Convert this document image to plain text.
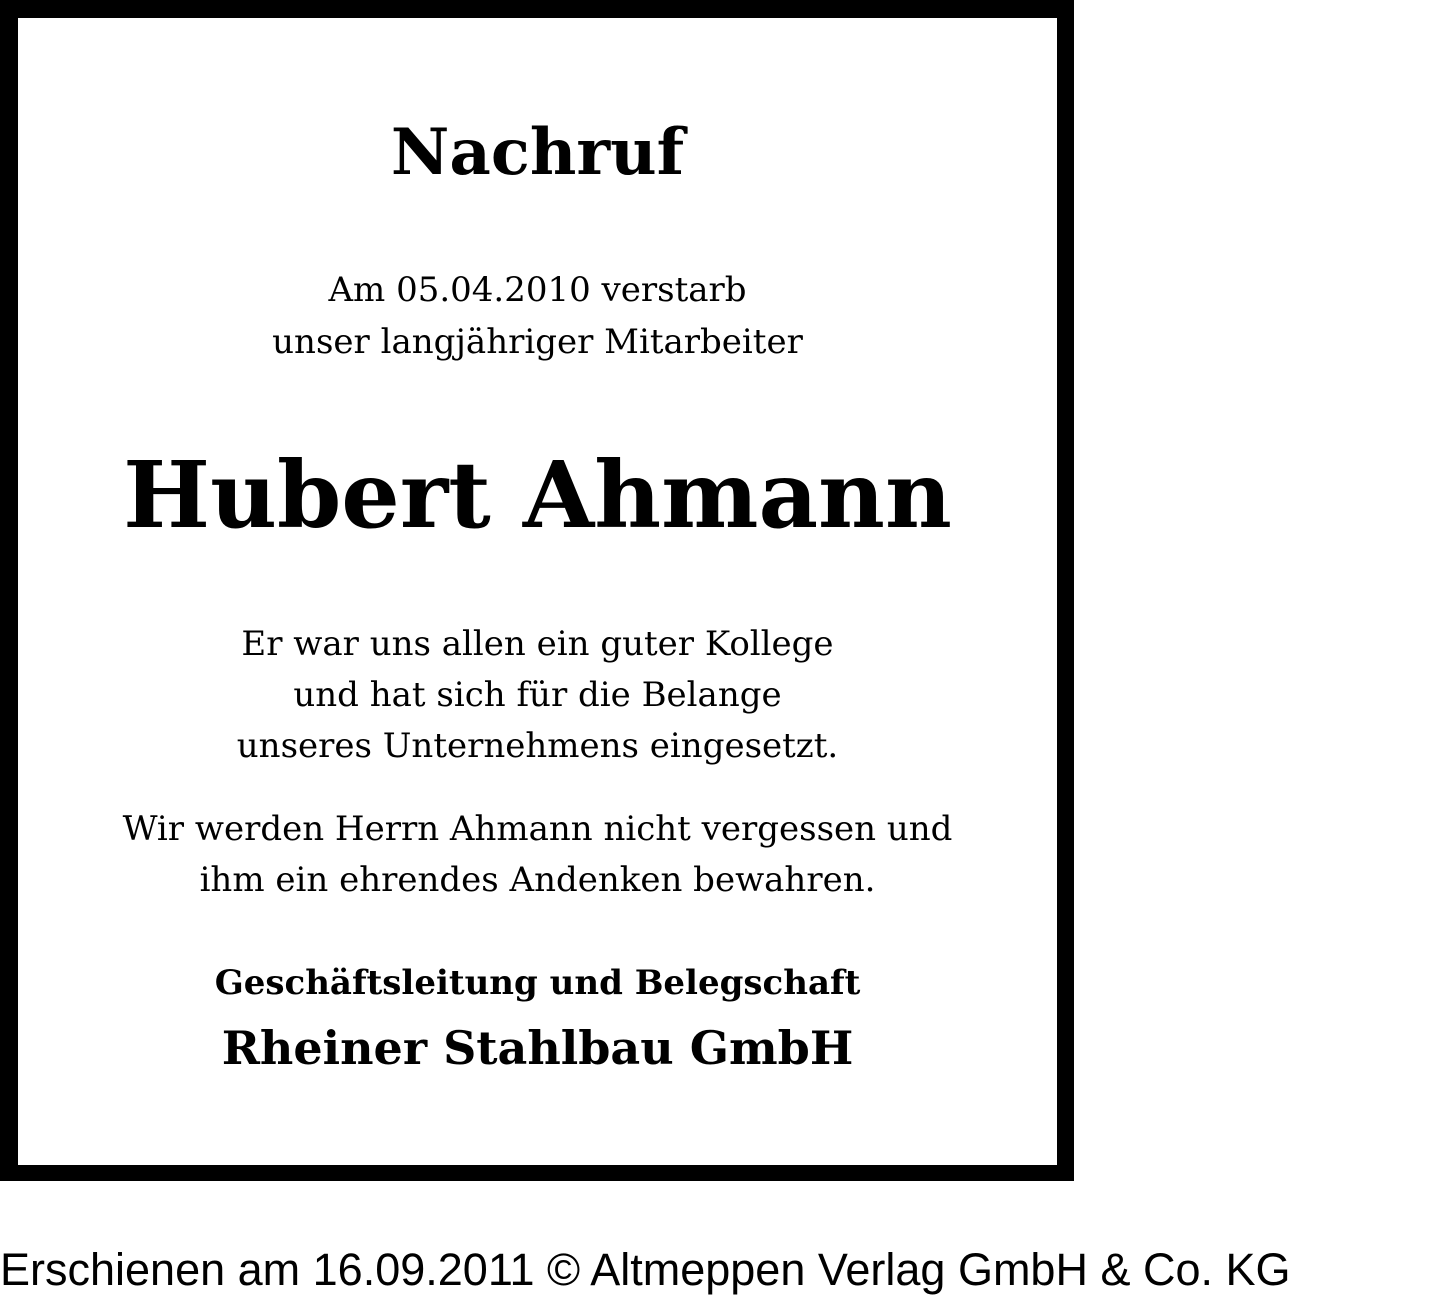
Nachruf

Am 05.04.2010 verstarb

unser langjähriger Mitarbeiter

Hubert Ahmann

Er war uns allen ein guter Kollege

und hat sich für die Belange

unseres Unternehmens eingesetzt.

Wir werden Herrn Ahmann nicht vergessen und

ihm ein ehrendes Andenken bewahren.

Geschäftsleitung und Belegschaft

Rheiner Stahlbau GmbH

Erschienen am 16.09.2011 © Altmeppen Verlag GmbH & Co. KG
